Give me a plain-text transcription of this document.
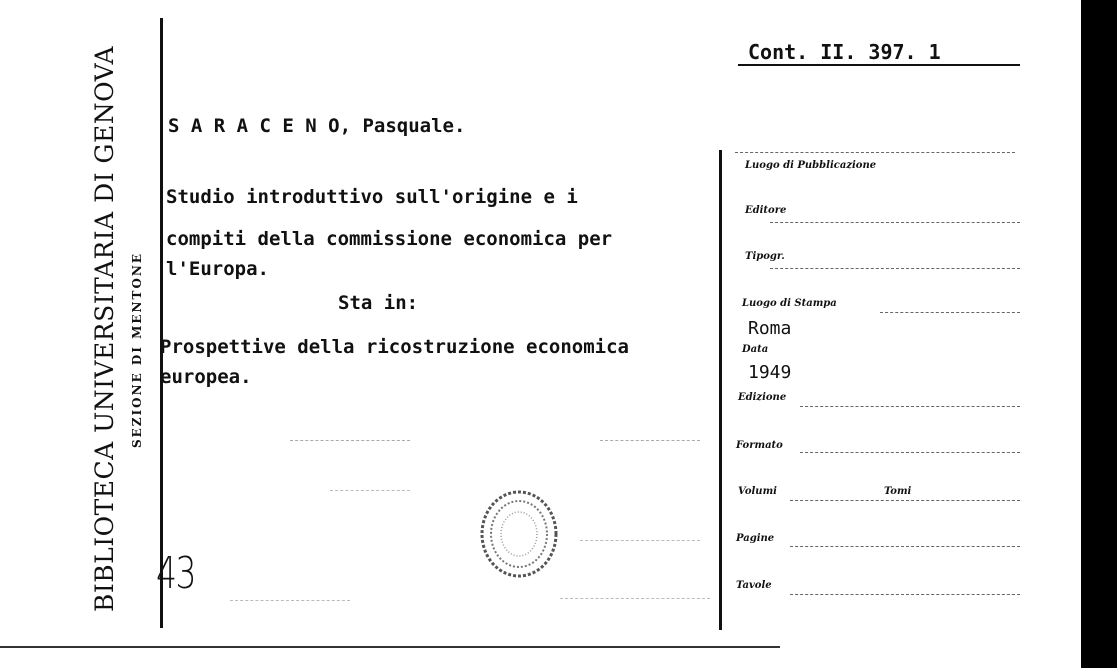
BIBLIOTECA UNIVERSITARIA DI GENOVA SEZIONE DI MENTONE
Cont. II. 397. 1
S A R A C E N O, Pasquale.
Studio introduttivo sull'origine e i
compiti della commissione economica per
l'Europa.
Sta in:
Prospettive della ricostruzione economica
europea.
43
Luogo di Pubblicazione
Editore
Tipogr.
Luogo di Stampa
Roma
Data
1949
Edizione
Formato
Volumi	Tomi
Pagine
Tavole
